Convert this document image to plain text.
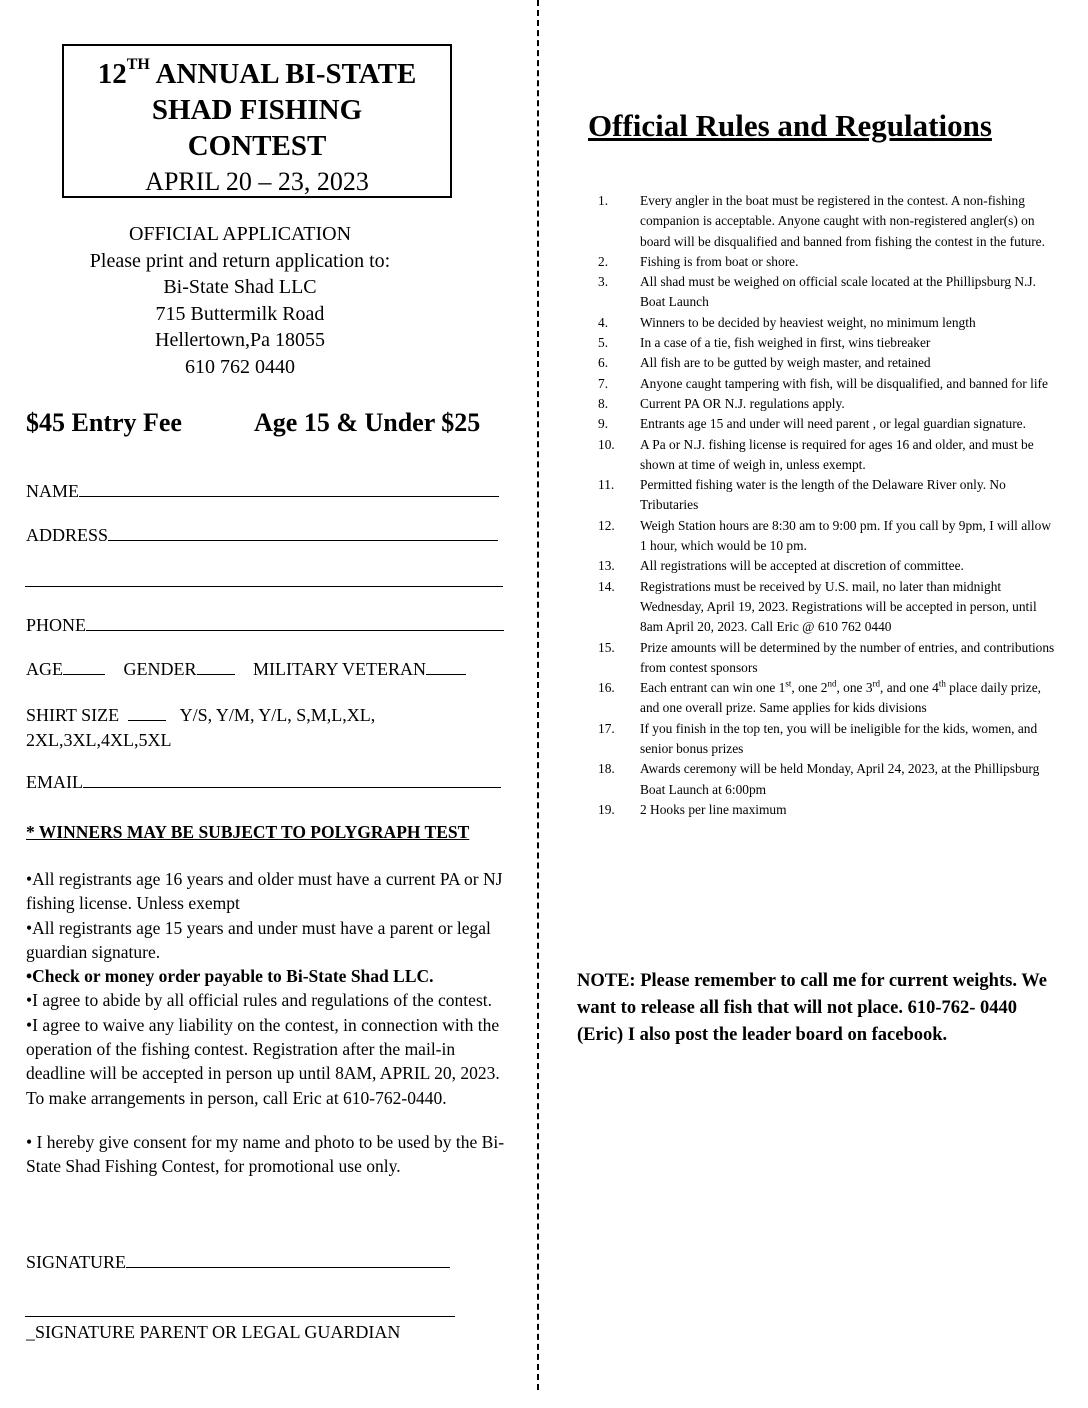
12TH ANNUAL BI-STATE
SHAD FISHING
CONTEST
APRIL 20 – 23, 2023
OFFICIAL APPLICATION
Please print and return application to:
Bi-State Shad LLC
715 Buttermilk Road
Hellertown,Pa 18055
610 762 0440
$45 Entry Fee	Age 15 & Under $25
NAME
ADDRESS
PHONE
AGE	GENDER	MILITARY VETERAN
SHIRT SIZE	Y/S, Y/M, Y/L, S,M,L,XL,
2XL,3XL,4XL,5XL
EMAIL
* WINNERS MAY BE SUBJECT TO POLYGRAPH TEST

•All registrants age 16 years and older must have a current PA or NJ fishing license. Unless exempt

•All registrants age 15 years and under must have a parent or legal guardian signature.

•Check or money order payable to Bi-State Shad LLC.

•I agree to abide by all official rules and regulations of the contest.

•I agree to waive any liability on the contest, in connection with the operation of the fishing contest. Registration after the mail-in deadline will be accepted in person up until 8AM, APRIL 20, 2023. To make arrangements in person, call Eric at 610-762-0440.

• I hereby give consent for my name and photo to be used by the Bi-State Shad Fishing Contest, for promotional use only.

SIGNATURE
_SIGNATURE PARENT OR LEGAL GUARDIAN
Official Rules and Regulations
1.	Every angler in the boat must be registered in the contest. A non-fishing companion is acceptable. Anyone caught with non-registered angler(s) on board will be disqualified and banned from fishing the contest in the future.
2.	Fishing is from boat or shore.
3.	All shad must be weighed on official scale located at the Phillipsburg N.J. Boat Launch
4.	Winners to be decided by heaviest weight, no minimum length
5.	In a case of a tie, fish weighed in first, wins tiebreaker
6.	All fish are to be gutted by weigh master, and retained
7.	Anyone caught tampering with fish, will be disqualified, and banned for life
8.	Current PA OR N.J. regulations apply.
9.	Entrants age 15 and under will need parent , or legal guardian signature.
10.	A Pa or N.J. fishing license is required for ages 16 and older, and must be shown at time of weigh in, unless exempt.
11.	Permitted fishing water is the length of the Delaware River only. No Tributaries
12.	Weigh Station hours are 8:30 am to 9:00 pm. If you call by 9pm, I will allow 1 hour, which would be 10 pm.
13.	All registrations will be accepted at discretion of committee.
14.	Registrations must be received by U.S. mail, no later than midnight Wednesday, April 19, 2023. Registrations will be accepted in person, until 8am April 20, 2023. Call Eric @ 610 762 0440
15.	Prize amounts will be determined by the number of entries, and contributions from contest sponsors
16.	Each entrant can win one 1st, one 2nd, one 3rd, and one 4th place daily prize, and one overall prize. Same applies for kids divisions
17.	If you finish in the top ten, you will be ineligible for the kids, women, and senior bonus prizes
18.	Awards ceremony will be held Monday, April 24, 2023, at the Phillipsburg Boat Launch at 6:00pm
19.	2 Hooks per line maximum
NOTE: Please remember to call me for current weights. We want to release all fish that will not place. 610-762- 0440 (Eric) I also post the leader board on facebook.
